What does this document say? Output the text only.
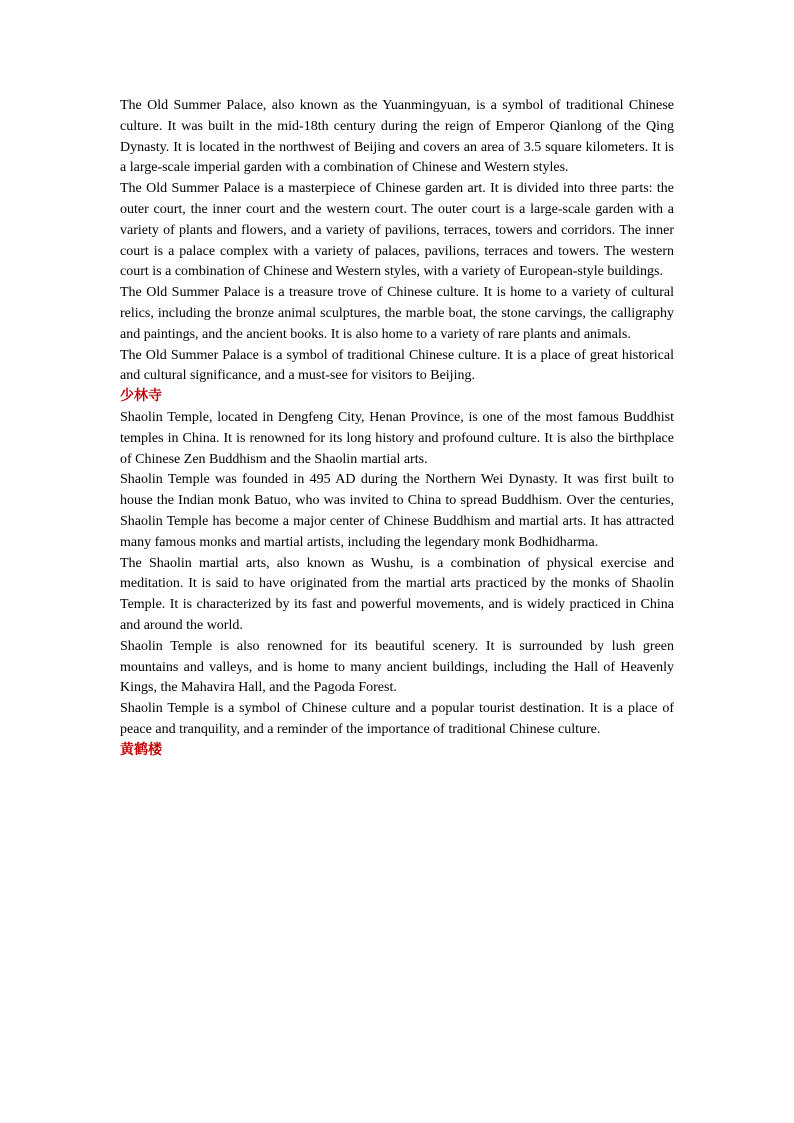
The Old Summer Palace, also known as the Yuanmingyuan, is a symbol of traditional Chinese culture. It was built in the mid-18th century during the reign of Emperor Qianlong of the Qing Dynasty. It is located in the northwest of Beijing and covers an area of 3.5 square kilometers. It is a large-scale imperial garden with a combination of Chinese and Western styles.

The Old Summer Palace is a masterpiece of Chinese garden art. It is divided into three parts: the outer court, the inner court and the western court. The outer court is a large-scale garden with a variety of plants and flowers, and a variety of pavilions, terraces, towers and corridors. The inner court is a palace complex with a variety of palaces, pavilions, terraces and towers. The western court is a combination of Chinese and Western styles, with a variety of European-style buildings.

The Old Summer Palace is a treasure trove of Chinese culture. It is home to a variety of cultural relics, including the bronze animal sculptures, the marble boat, the stone carvings, the calligraphy and paintings, and the ancient books. It is also home to a variety of rare plants and animals.

The Old Summer Palace is a symbol of traditional Chinese culture. It is a place of great historical and cultural significance, and a must-see for visitors to Beijing.

少林寺

Shaolin Temple, located in Dengfeng City, Henan Province, is one of the most famous Buddhist temples in China. It is renowned for its long history and profound culture. It is also the birthplace of Chinese Zen Buddhism and the Shaolin martial arts.

Shaolin Temple was founded in 495 AD during the Northern Wei Dynasty. It was first built to house the Indian monk Batuo, who was invited to China to spread Buddhism. Over the centuries, Shaolin Temple has become a major center of Chinese Buddhism and martial arts. It has attracted many famous monks and martial artists, including the legendary monk Bodhidharma.

The Shaolin martial arts, also known as Wushu, is a combination of physical exercise and meditation. It is said to have originated from the martial arts practiced by the monks of Shaolin Temple. It is characterized by its fast and powerful movements, and is widely practiced in China and around the world.

Shaolin Temple is also renowned for its beautiful scenery. It is surrounded by lush green mountains and valleys, and is home to many ancient buildings, including the Hall of Heavenly Kings, the Mahavira Hall, and the Pagoda Forest.

Shaolin Temple is a symbol of Chinese culture and a popular tourist destination. It is a place of peace and tranquility, and a reminder of the importance of traditional Chinese culture.

黄鹤楼
